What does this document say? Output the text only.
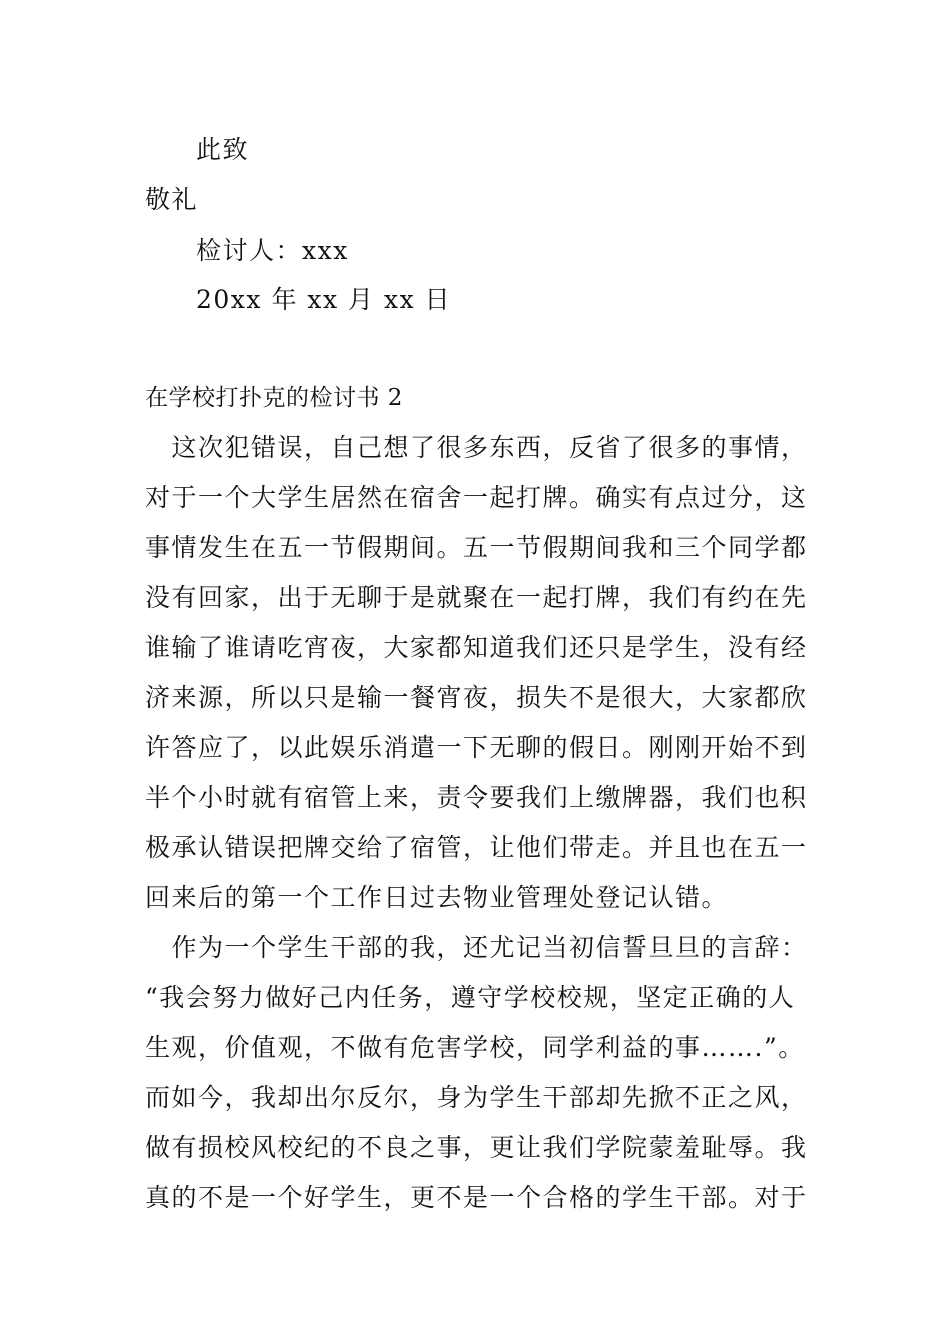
此致
敬礼
检讨人：xxx
20xx 年 xx 月 xx 日
在学校打扑克的检讨书 2
　这次犯错误，自己想了很多东西，反省了很多的事情，
对于一个大学生居然在宿舍一起打牌。确实有点过分，这
事情发生在五一节假期间。五一节假期间我和三个同学都
没有回家，出于无聊于是就聚在一起打牌，我们有约在先
谁输了谁请吃宵夜，大家都知道我们还只是学生，没有经
济来源，所以只是输一餐宵夜，损失不是很大，大家都欣
许答应了，以此娱乐消遣一下无聊的假日。刚刚开始不到
半个小时就有宿管上来，责令要我们上缴牌器，我们也积
极承认错误把牌交给了宿管，让他们带走。并且也在五一
回来后的第一个工作日过去物业管理处登记认错。
　作为一个学生干部的我，还尤记当初信誓旦旦的言辞：
“我会努力做好己内任务，遵守学校校规，坚定正确的人
生观，价值观，不做有危害学校，同学利益的事…….”。
而如今，我却出尔反尔，身为学生干部却先掀不正之风，
做有损校风校纪的不良之事，更让我们学院蒙羞耻辱。我
真的不是一个好学生，更不是一个合格的学生干部。对于
